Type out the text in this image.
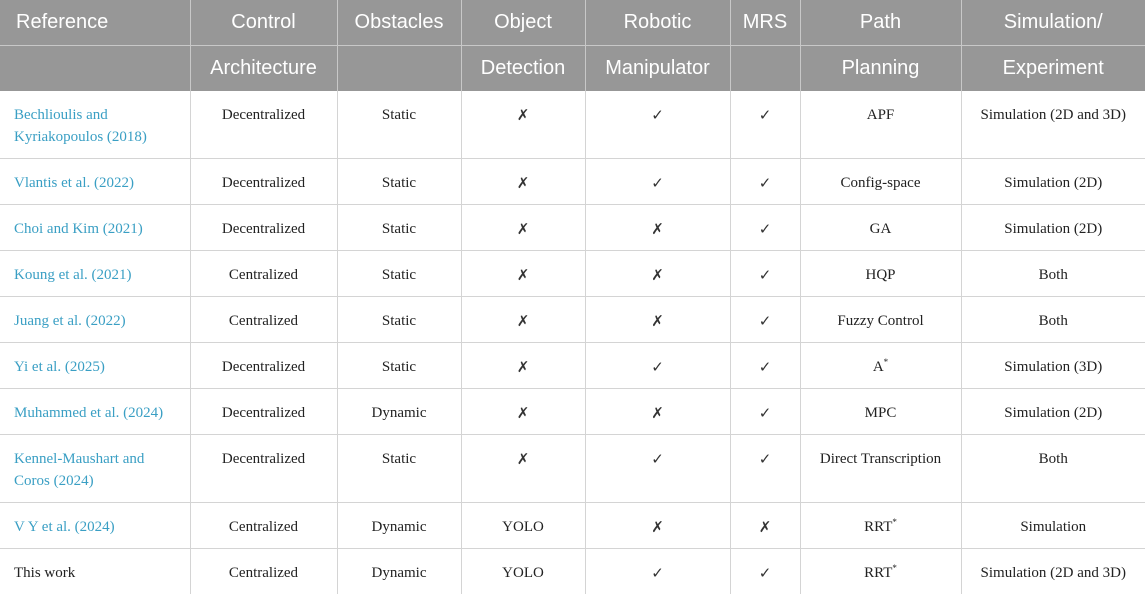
Reference	Control	Obstacles	Object	Robotic	MRS	Path	Simulation/
	Architecture		Detection	Manipulator		Planning	Experiment
Bechlioulis and Kyriakopoulos (2018)	Decentralized	Static	✗	✓	✓	APF	Simulation (2D and 3D)
Vlantis et al. (2022)	Decentralized	Static	✗	✓	✓	Config-space	Simulation (2D)
Choi and Kim (2021)	Decentralized	Static	✗	✗	✓	GA	Simulation (2D)
Koung et al. (2021)	Centralized	Static	✗	✗	✓	HQP	Both
Juang et al. (2022)	Centralized	Static	✗	✗	✓	Fuzzy Control	Both
Yi et al. (2025)	Decentralized	Static	✗	✓	✓	A*	Simulation (3D)
Muhammed et al. (2024)	Decentralized	Dynamic	✗	✗	✓	MPC	Simulation (2D)
Kennel-Maushart and Coros (2024)	Decentralized	Static	✗	✓	✓	Direct Transcription	Both
V Y et al. (2024)	Centralized	Dynamic	YOLO	✗	✗	RRT*	Simulation
This work	Centralized	Dynamic	YOLO	✓	✓	RRT*	Simulation (2D and 3D)
